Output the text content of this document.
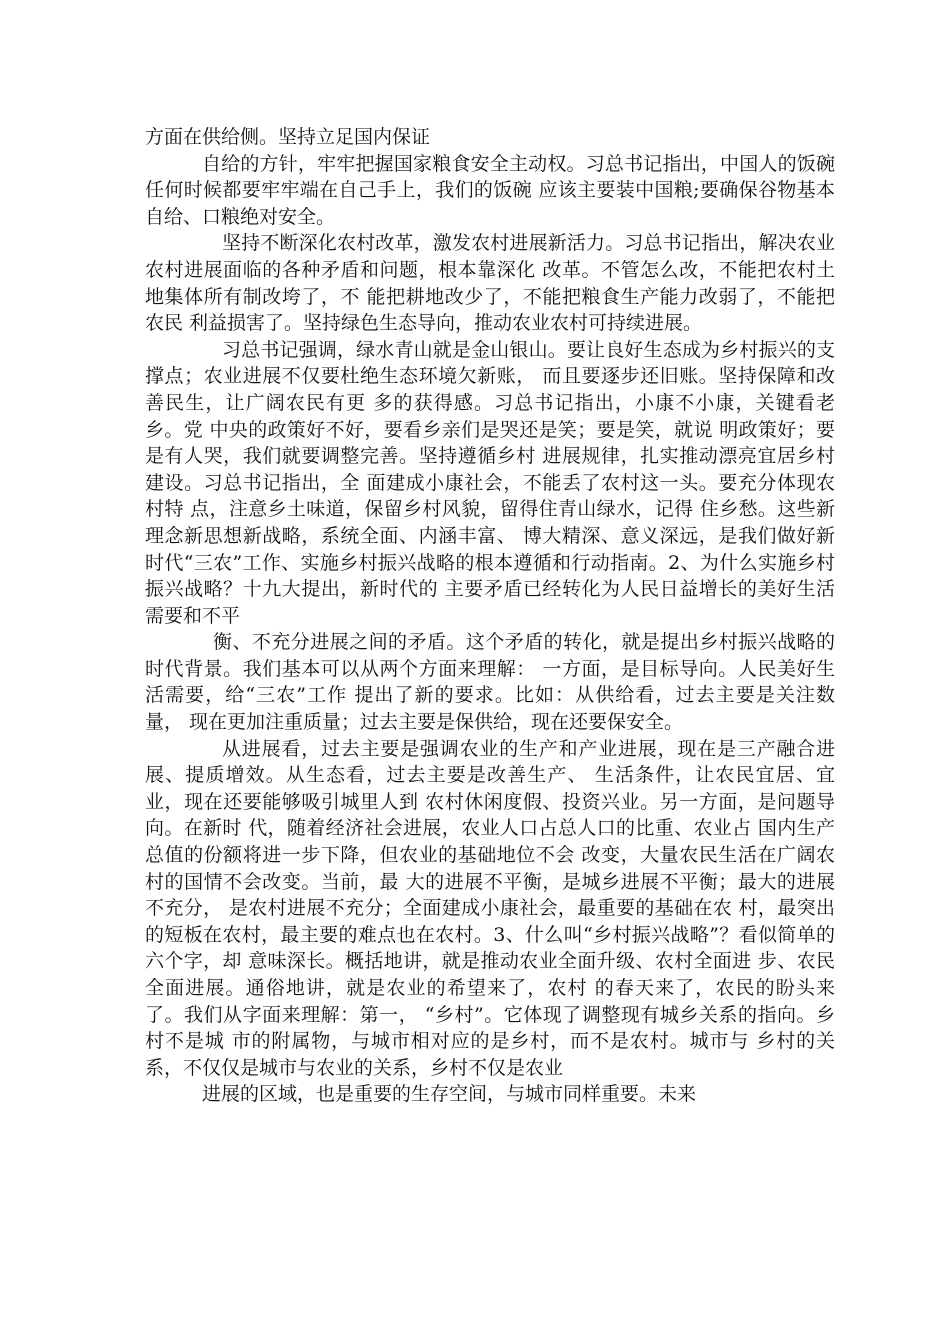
方面在供给侧。坚持立足国内保证

自给的方针，牢牢把握国家粮食安全主动权。习总书记指出，中国人的饭碗任何时候都要牢牢端在自己手上，我们的饭碗 应该主要装中国粮;要确保谷物基本自给、口粮绝对安全。

坚持不断深化农村改革，激发农村进展新活力。习总书记指出，解决农业农村进展面临的各种矛盾和问题，根本靠深化 改革。不管怎么改，不能把农村土地集体所有制改垮了，不 能把耕地改少了，不能把粮食生产能力改弱了，不能把农民 利益损害了。坚持绿色生态导向，推动农业农村可持续进展。

习总书记强调，绿水青山就是金山银山。要让良好生态成为乡村振兴的支撑点；农业进展不仅要杜绝生态环境欠新账， 而且要逐步还旧账。坚持保障和改善民生，让广阔农民有更 多的获得感。习总书记指出，小康不小康，关键看老乡。党 中央的政策好不好，要看乡亲们是哭还是笑；要是笑，就说 明政策好；要是有人哭，我们就要调整完善。坚持遵循乡村 进展规律，扎实推动漂亮宜居乡村建设。习总书记指出，全 面建成小康社会，不能丢了农村这一头。要充分体现农村特 点，注意乡土味道，保留乡村风貌，留得住青山绿水，记得 住乡愁。这些新理念新思想新战略，系统全面、内涵丰富、 博大精深、意义深远，是我们做好新时代“三农”工作、实施乡村振兴战略的根本遵循和行动指南。2、为什么实施乡村振兴战略？十九大提出，新时代的 主要矛盾已经转化为人民日益增长的美好生活需要和不平

衡、不充分进展之间的矛盾。这个矛盾的转化，就是提出乡村振兴战略的时代背景。我们基本可以从两个方面来理解： 一方面，是目标导向。人民美好生活需要，给“三农”工作 提出了新的要求。比如：从供给看，过去主要是关注数量， 现在更加注重质量；过去主要是保供给，现在还要保安全。

从进展看，过去主要是强调农业的生产和产业进展，现在是三产融合进展、提质增效。从生态看，过去主要是改善生产、 生活条件，让农民宜居、宜业，现在还要能够吸引城里人到 农村休闲度假、投资兴业。另一方面，是问题导向。在新时 代，随着经济社会进展，农业人口占总人口的比重、农业占 国内生产总值的份额将进一步下降，但农业的基础地位不会 改变，大量农民生活在广阔农村的国情不会改变。当前，最 大的进展不平衡，是城乡进展不平衡；最大的进展不充分， 是农村进展不充分；全面建成小康社会，最重要的基础在农 村，最突出的短板在农村，最主要的难点也在农村。3、什么叫“乡村振兴战略”？看似简单的六个字，却 意味深长。概括地讲，就是推动农业全面升级、农村全面进 步、农民全面进展。通俗地讲，就是农业的希望来了，农村 的春天来了，农民的盼头来了。我们从字面来理解：第一， “乡村”。它体现了调整现有城乡关系的指向。乡村不是城 市的附属物，与城市相对应的是乡村，而不是农村。城市与 乡村的关系，不仅仅是城市与农业的关系，乡村不仅是农业

进展的区域，也是重要的生存空间，与城市同样重要。未来
